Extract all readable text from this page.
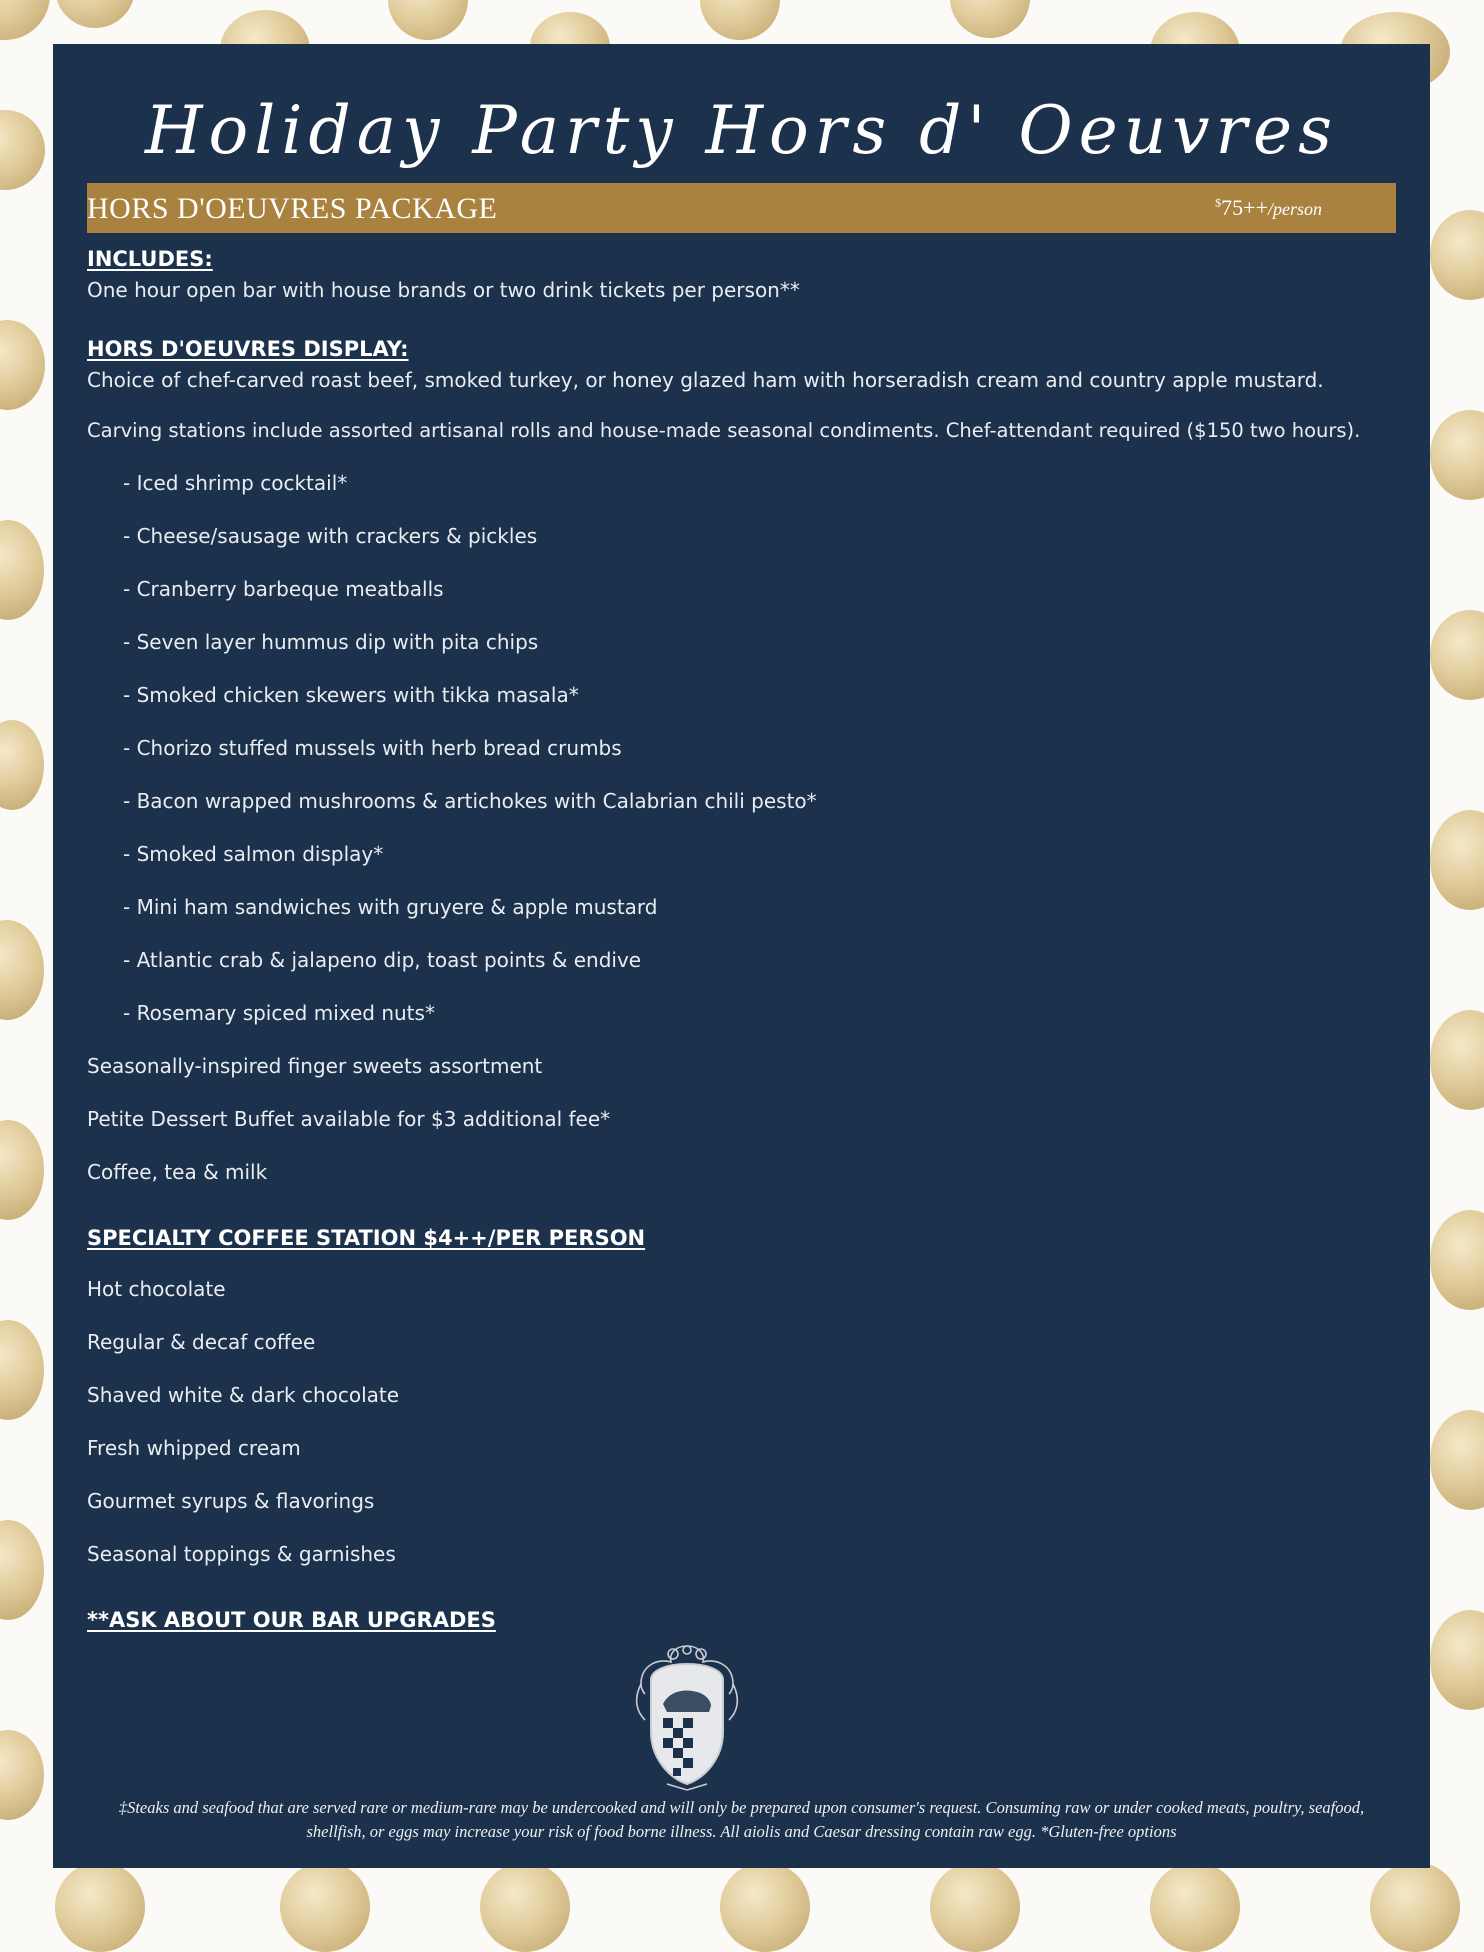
Holiday Party Hors d' Oeuvres
HORS D'OEUVRES PACKAGE	$75++/person

INCLUDES:

One hour open bar with house brands or two drink tickets per person**

HORS D'OEUVRES DISPLAY:

Choice of chef-carved roast beef, smoked turkey, or honey glazed ham with horseradish cream and country apple mustard.

Carving stations include assorted artisanal rolls and house-made seasonal condiments. Chef-attendant required ($150 two hours).

- Iced shrimp cocktail*

- Cheese/sausage with crackers & pickles

- Cranberry barbeque meatballs

- Seven layer hummus dip with pita chips

- Smoked chicken skewers with tikka masala*

- Chorizo stuffed mussels with herb bread crumbs

- Bacon wrapped mushrooms & artichokes with Calabrian chili pesto*

- Smoked salmon display*

- Mini ham sandwiches with gruyere & apple mustard

- Atlantic crab & jalapeno dip, toast points & endive

- Rosemary spiced mixed nuts*

Seasonally-inspired finger sweets assortment

Petite Dessert Buffet available for $3 additional fee*

Coffee, tea & milk

SPECIALTY COFFEE STATION $4++/PER PERSON

Hot chocolate

Regular & decaf coffee

Shaved white & dark chocolate

Fresh whipped cream

Gourmet syrups & flavorings

Seasonal toppings & garnishes

**ASK ABOUT OUR BAR UPGRADES

‡Steaks and seafood that are served rare or medium-rare may be undercooked and will only be prepared upon consumer's request. Consuming raw or under cooked meats, poultry, seafood, shellfish, or eggs may increase your risk of food borne illness. All aiolis and Caesar dressing contain raw egg. *Gluten-free options
